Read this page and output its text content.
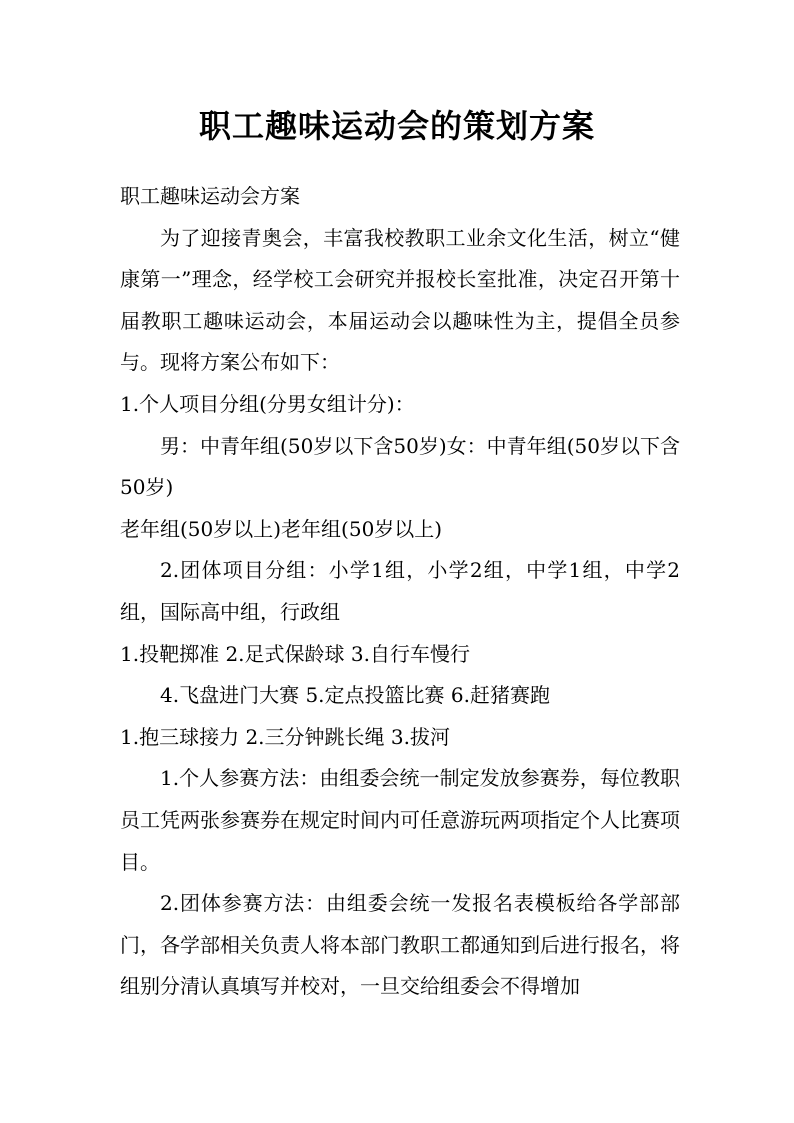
职工趣味运动会的策划方案

职工趣味运动会方案

为了迎接青奥会，丰富我校教职工业余文化生活，树立“健康第一”理念，经学校工会研究并报校长室批准，决定召开第十届教职工趣味运动会，本届运动会以趣味性为主，提倡全员参与。现将方案公布如下：

1.个人项目分组(分男女组计分)：

男：中青年组(50岁以下含50岁)女：中青年组(50岁以下含50岁)

老年组(50岁以上)老年组(50岁以上)

2.团体项目分组：小学1组，小学2组，中学1组，中学2组，国际高中组，行政组

1.投靶掷准 2.足式保龄球 3.自行车慢行

4.飞盘进门大赛 5.定点投篮比赛 6.赶猪赛跑

1.抱三球接力 2.三分钟跳长绳 3.拔河

1.个人参赛方法：由组委会统一制定发放参赛券，每位教职员工凭两张参赛券在规定时间内可任意游玩两项指定个人比赛项目。

2.团体参赛方法：由组委会统一发报名表模板给各学部部门，各学部相关负责人将本部门教职工都通知到后进行报名，将组别分清认真填写并校对，一旦交给组委会不得增加
